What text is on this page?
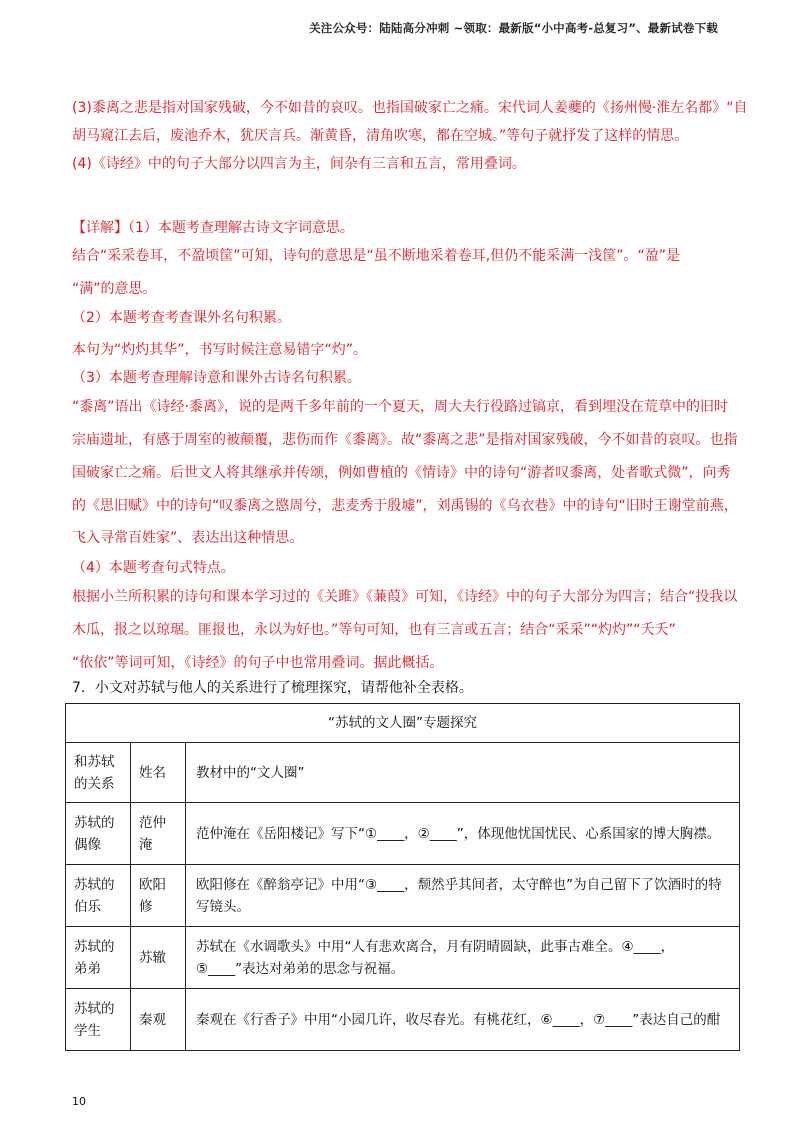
关注公众号：陆陆高分冲刺 ~领取：最新版“小中高考-总复习”、最新试卷下载
(3)黍离之悲是指对国家残破，今不如昔的哀叹。也指国破家亡之痛。宋代词人姜夔的《扬州慢·淮左名都》“自
胡马窥江去后，废池乔木，犹厌言兵。渐黄昏，清角吹寒，都在空城。”等句子就抒发了这样的情思。
(4)《诗经》中的句子大部分以四言为主，间杂有三言和五言，常用叠词。
【详解】（1）本题考查理解古诗文字词意思。
结合“采采卷耳，不盈顷筐”可知，诗句的意思是“虽不断地采着卷耳,但仍不能采满一浅筐”。“盈”是
“满”的意思。
（2）本题考查考查课外名句积累。
本句为“灼灼其华”，书写时候注意易错字“灼”。
（3）本题考查理解诗意和课外古诗名句积累。
“黍离”语出《诗经·黍离》，说的是两千多年前的一个夏天，周大夫行役路过镐京，看到埋没在荒草中的旧时
宗庙遗址，有感于周室的被颠覆，悲伤而作《黍离》。故“黍离之悲”是指对国家残破，今不如昔的哀叹。也指
国破家亡之痛。后世文人将其继承并传颂，例如曹植的《情诗》中的诗句“游者叹黍离，处者歌式微”，向秀
的《思旧赋》中的诗句“叹黍离之愍周兮，悲麦秀于殷墟”，刘禹锡的《乌衣巷》中的诗句“旧时王谢堂前燕，
飞入寻常百姓家”、表达出这种情思。
（4）本题考查句式特点。
根据小兰所积累的诗句和课本学习过的《关雎》《蒹葭》可知，《诗经》中的句子大部分为四言；结合“投我以
木瓜，报之以琼琚。匪报也，永以为好也。”等句可知，也有三言或五言；结合“采采”“灼灼”“夭夭”
“依依”等词可知，《诗经》的句子中也常用叠词。据此概括。
7．小文对苏轼与他人的关系进行了梳理探究，请帮他补全表格。
“苏轼的文人圈”专题探究		
和苏轼的关系	姓名	教材中的“文人圈”
苏轼的偶像	范仲淹	范仲淹在《岳阳楼记》写下“①____，②____”，体现他忧国忧民、心系国家的博大胸襟。
苏轼的伯乐	欧阳修	欧阳修在《醉翁亭记》中用“③____，颓然乎其间者，太守醉也”为自己留下了饮酒时的特写镜头。
苏轼的弟弟	苏辙	苏轼在《水调歌头》中用“人有悲欢离合，月有阴晴圆缺，此事古难全。④____，⑤____”表达对弟弟的思念与祝福。
苏轼的学生	秦观	秦观在《行香子》中用“小园几许，收尽春光。有桃花红，⑥____，⑦____”表达自己的酣
10
